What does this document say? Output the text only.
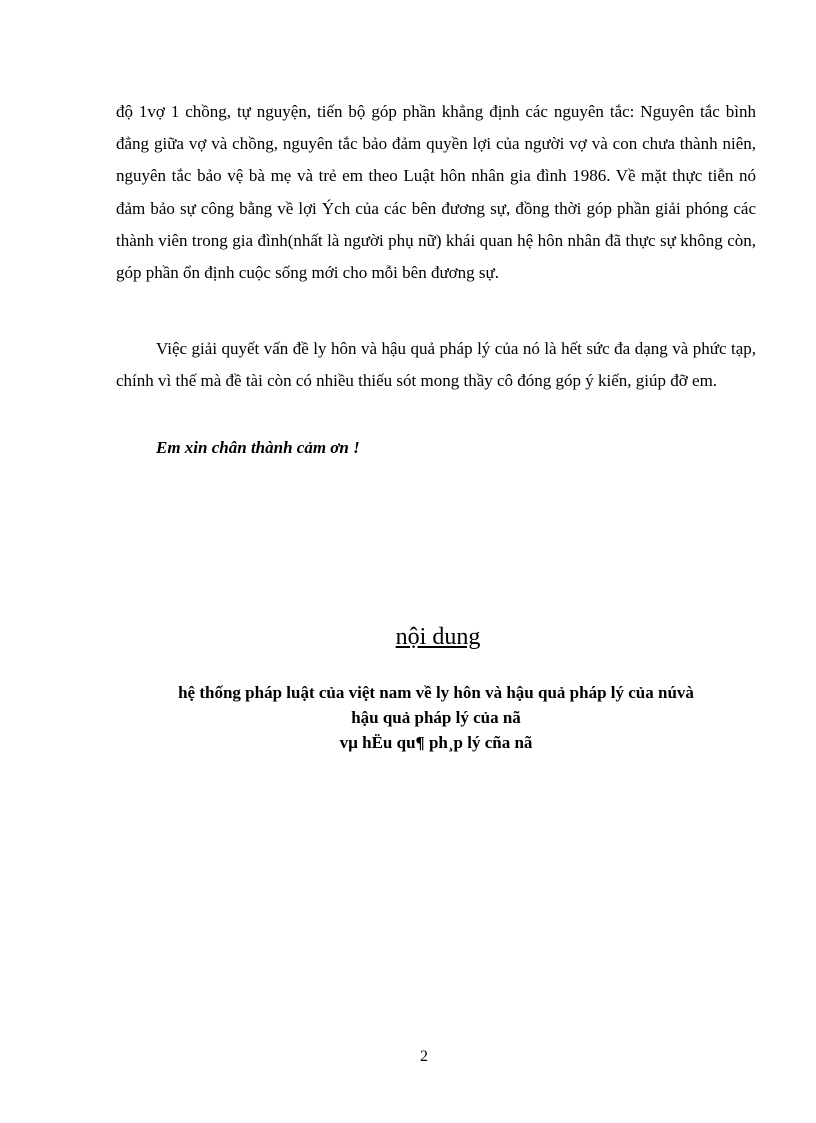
độ 1vợ 1 chồng, tự nguyện, tiến bộ góp phần khẳng định các nguyên tắc: Nguyên tắc bình đẳng giữa vợ và chồng, nguyên tắc bảo đảm quyền lợi của người vợ và con chưa thành niên, nguyên tắc bảo vệ bà mẹ và trẻ em theo Luật hôn nhân gia đình 1986. Về mặt thực tiễn nó đảm bảo sự công bằng về lợi Ých của các bên đương sự, đồng thời góp phần giải phóng các thành viên trong gia đình(nhất là người phụ nữ) khái quan hệ hôn nhân đã thực sự không còn, góp phần ổn định cuộc sống mới cho mỗi bên đương sự.

Việc giải quyết vấn đề ly hôn và hậu quả pháp lý của nó là hết sức đa dạng và phức tạp, chính vì thế mà đề tài còn có nhiều thiếu sót mong thầy cô đóng góp ý kiến, giúp đỡ em.

Em xin chân thành cảm ơn !

nội dung
hệ thống pháp luật của việt nam về ly hôn và hậu quả pháp lý của núvà
hậu quả pháp lý của nã
vµ hËu qu¶ ph¸p lý cña nã
2
